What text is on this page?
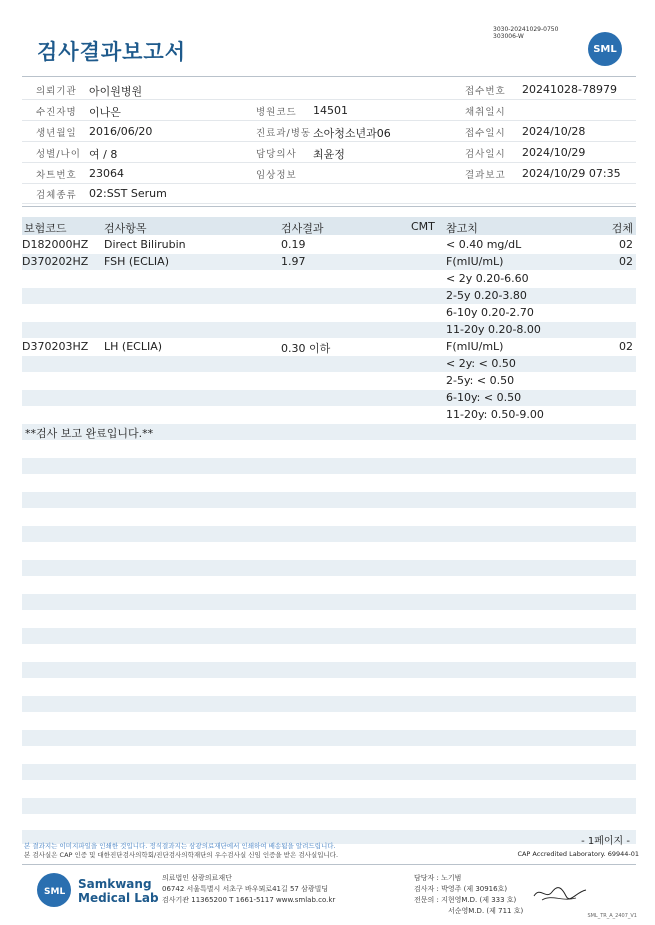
검사결과보고서
3030-20241029-0750
303006-W
SML
의뢰기관 아이원병원	접수번호 20241028-78979
수진자명 이나은	병원코드 14501	채취일시
생년월일 2016/06/20	진료과/병동 소아청소년과06	접수일시 2024/10/28
성별/나이 여 / 8	담당의사 최윤정	검사일시 2024/10/29
차트번호 23064	임상정보	결과보고 2024/10/29 07:35
검체종류 02:SST Serum
보험코드	검사항목	검사결과	CMT 참고치	검체
D182000HZ Direct Bilirubin	0.19	< 0.40 mg/dL	02
D370202HZ FSH (ECLIA)	1.97	F(mIU/mL)	02
< 2y 0.20-6.60
2-5y 0.20-3.80
6-10y 0.20-2.70
11-20y 0.20-8.00
D370203HZ LH (ECLIA)	0.30 이하	F(mIU/mL)	02
< 2y: < 0.50
2-5y: < 0.50
6-10y: < 0.50
11-20y: 0.50-9.00
**검사 보고 완료입니다.**
- 1페이지 -
본 결과지는 이미지파일을 인쇄한 것입니다. 정식결과지는 삼광의료재단에서 인쇄하여 배송됨을 알려드립니다.
본 검사실은 CAP 인증 및 대한진단검사의학회/진단검사의학재단의 우수검사실 신임 인증을 받은 검사실입니다.	CAP Accredited Laboratory. 69944-01
SML
Samkwang
Medical Lab
의료법인 삼광의료재단
06742 서울특별시 서초구 바우뫼로41길 57 삼광빌딩
검사기관 11365200 T 1661-5117 www.smlab.co.kr
담당자 : 노기범
검사자 : 박영주 (제 30916호)
전문의 : 지현영M.D. (제 333 호)
서순영M.D. (제 711 호)
SML_TR_A_2407_V1
